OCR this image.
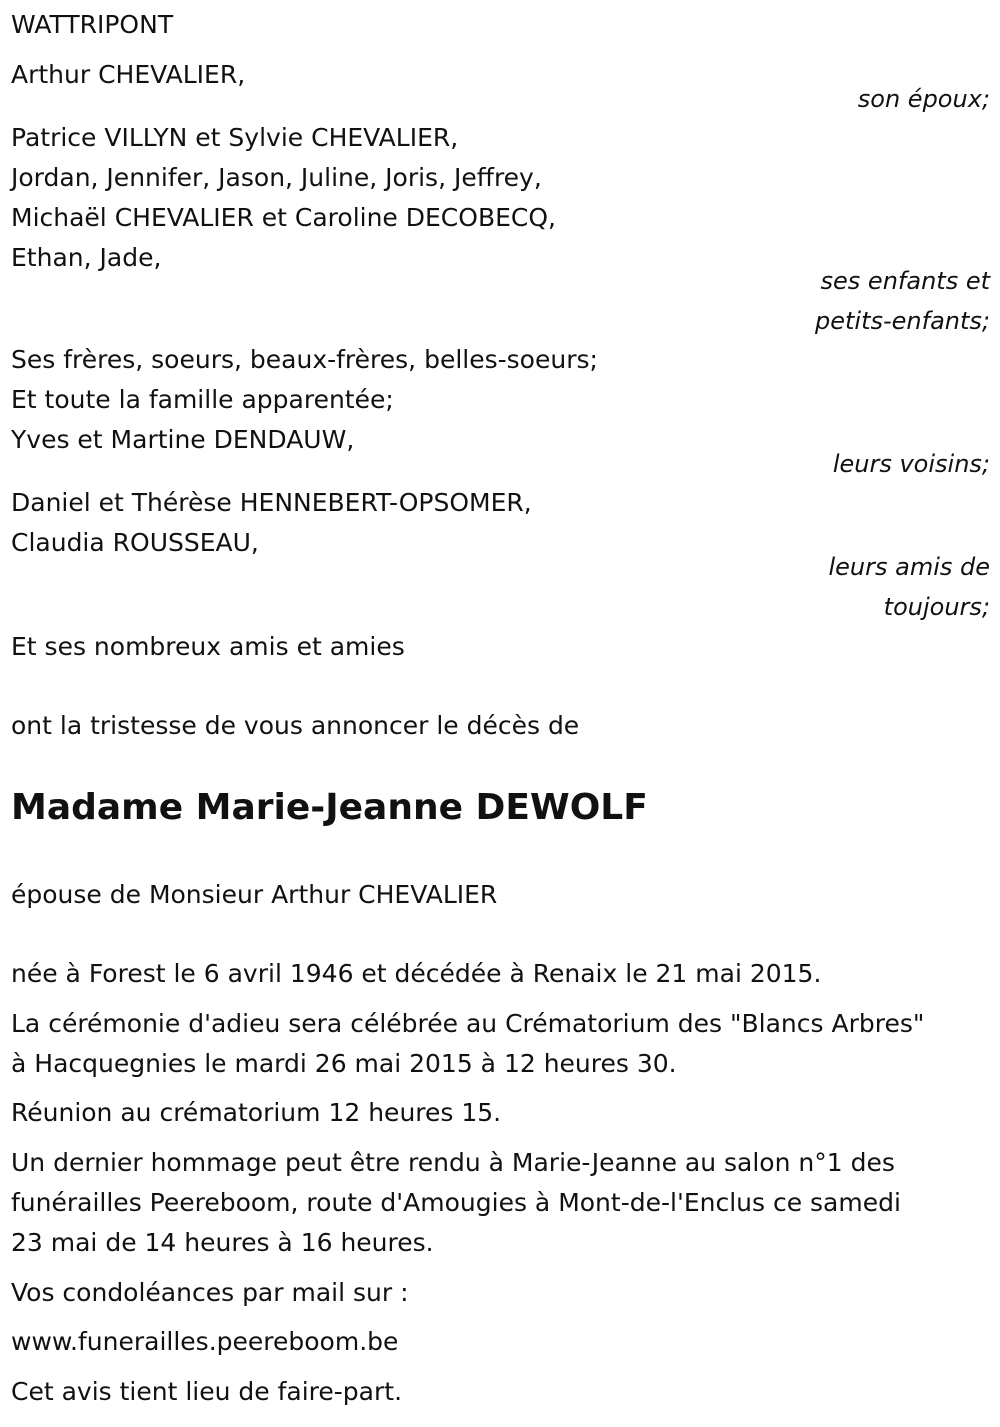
WATTRIPONT
Arthur CHEVALIER,
son époux;
Patrice VILLYN et Sylvie CHEVALIER,
Jordan, Jennifer, Jason, Juline, Joris, Jeffrey,
Michaël CHEVALIER et Caroline DECOBECQ,
Ethan, Jade,
ses enfants et
petits-enfants;
Ses frères, soeurs, beaux-frères, belles-soeurs;
Et toute la famille apparentée;
Yves et Martine DENDAUW,
leurs voisins;
Daniel et Thérèse HENNEBERT-OPSOMER,
Claudia ROUSSEAU,
leurs amis de
toujours;
Et ses nombreux amis et amies
ont la tristesse de vous annoncer le décès de
Madame Marie-Jeanne DEWOLF
épouse de Monsieur Arthur CHEVALIER
née à Forest le 6 avril 1946 et décédée à Renaix le 21 mai 2015.
La cérémonie d'adieu sera célébrée au Crématorium des "Blancs Arbres"
à Hacquegnies le mardi 26 mai 2015 à 12 heures 30.
Réunion au crématorium 12 heures 15.
Un dernier hommage peut être rendu à Marie-Jeanne au salon n°1 des
funérailles Peereboom, route d'Amougies à Mont-de-l'Enclus ce samedi
23 mai de 14 heures à 16 heures.
Vos condoléances par mail sur :
www.funerailles.peereboom.be
Cet avis tient lieu de faire-part.
